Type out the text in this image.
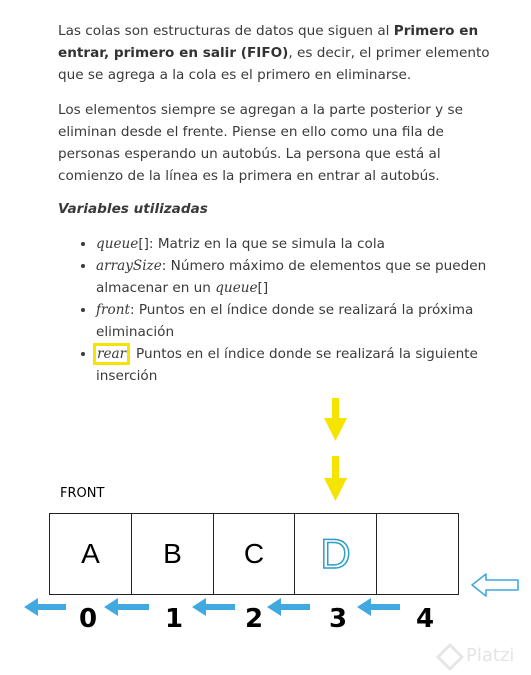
Las colas son estructuras de datos que siguen al Primero en entrar, primero en salir (FIFO), es decir, el primer elemento que se agrega a la cola es el primero en eliminarse.
Los elementos siempre se agregan a la parte posterior y se eliminan desde el frente. Piense en ello como una fila de personas esperando un autobús. La persona que está al comienzo de la línea es la primera en entrar al autobús.
Variables utilizadas
• queue[]: Matriz en la que se simula la cola
• arraySize: Número máximo de elementos que se pueden almacenar en un queue[]
• front: Puntos en el índice donde se realizará la próxima eliminación
• rear: Puntos en el índice donde se realizará la siguiente inserción
FRONT
A B C D
0	1 2	3	4
Platzi
